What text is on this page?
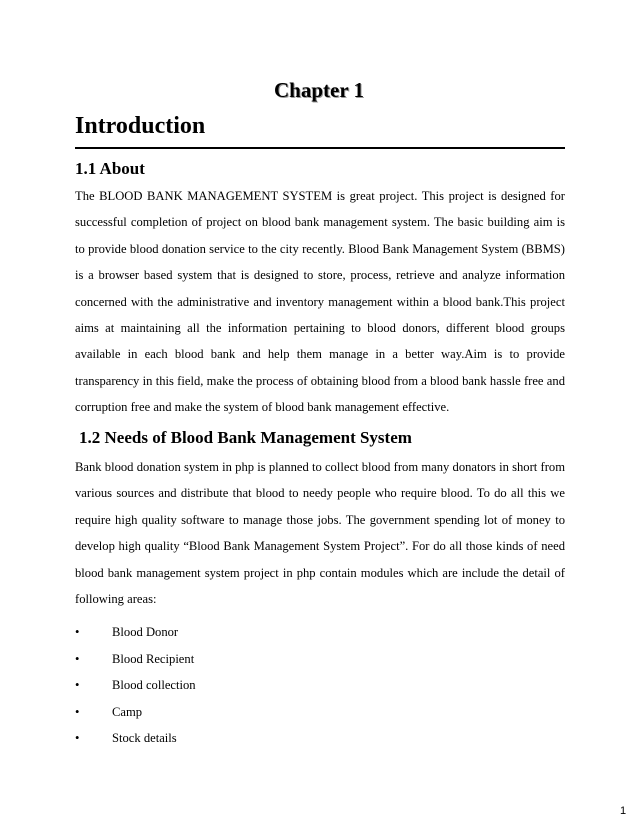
Chapter 1
Introduction
1.1 About

The BLOOD BANK MANAGEMENT SYSTEM is great project. This project is designed for successful completion of project on blood bank management system. The basic building aim is to provide blood donation service to the city recently. Blood Bank Management System (BBMS) is a browser based system that is designed to store, process, retrieve and analyze information concerned with the administrative and inventory management within a blood bank.This project aims at maintaining all the information pertaining to blood donors, different blood groups available in each blood bank and help them manage in a better way.Aim is to provide transparency in this field, make the process of obtaining blood from a blood bank hassle free and corruption free and make the system of blood bank management effective.

1.2 Needs of Blood Bank Management System

Bank blood donation system in php is planned to collect blood from many donators in short from various sources and distribute that blood to needy people who require blood. To do all this we require high quality software to manage those jobs. The government spending lot of money to develop high quality “Blood Bank Management System Project”. For do all those kinds of need blood bank management system project in php contain modules which are include the detail of following areas:

•	Blood Donor
•	Blood Recipient
•	Blood collection
•	Camp
•	Stock details
1
